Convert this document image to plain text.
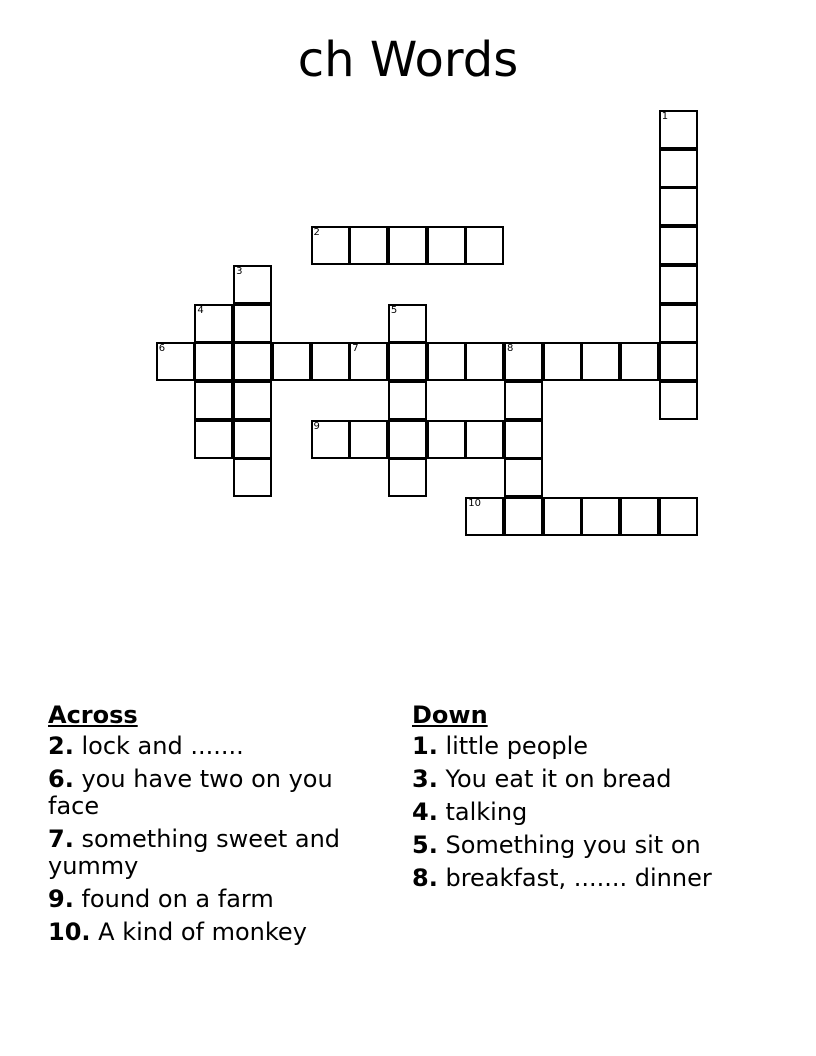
ch Words
1
2
3
4	5
6	7	8
9
10
Across
2. lock and .......
6. you have two on you face
7. something sweet and yummy
9. found on a farm
10. A kind of monkey
Down
1. little people
3. You eat it on bread
4. talking
5. Something you sit on
8. breakfast, ....... dinner
